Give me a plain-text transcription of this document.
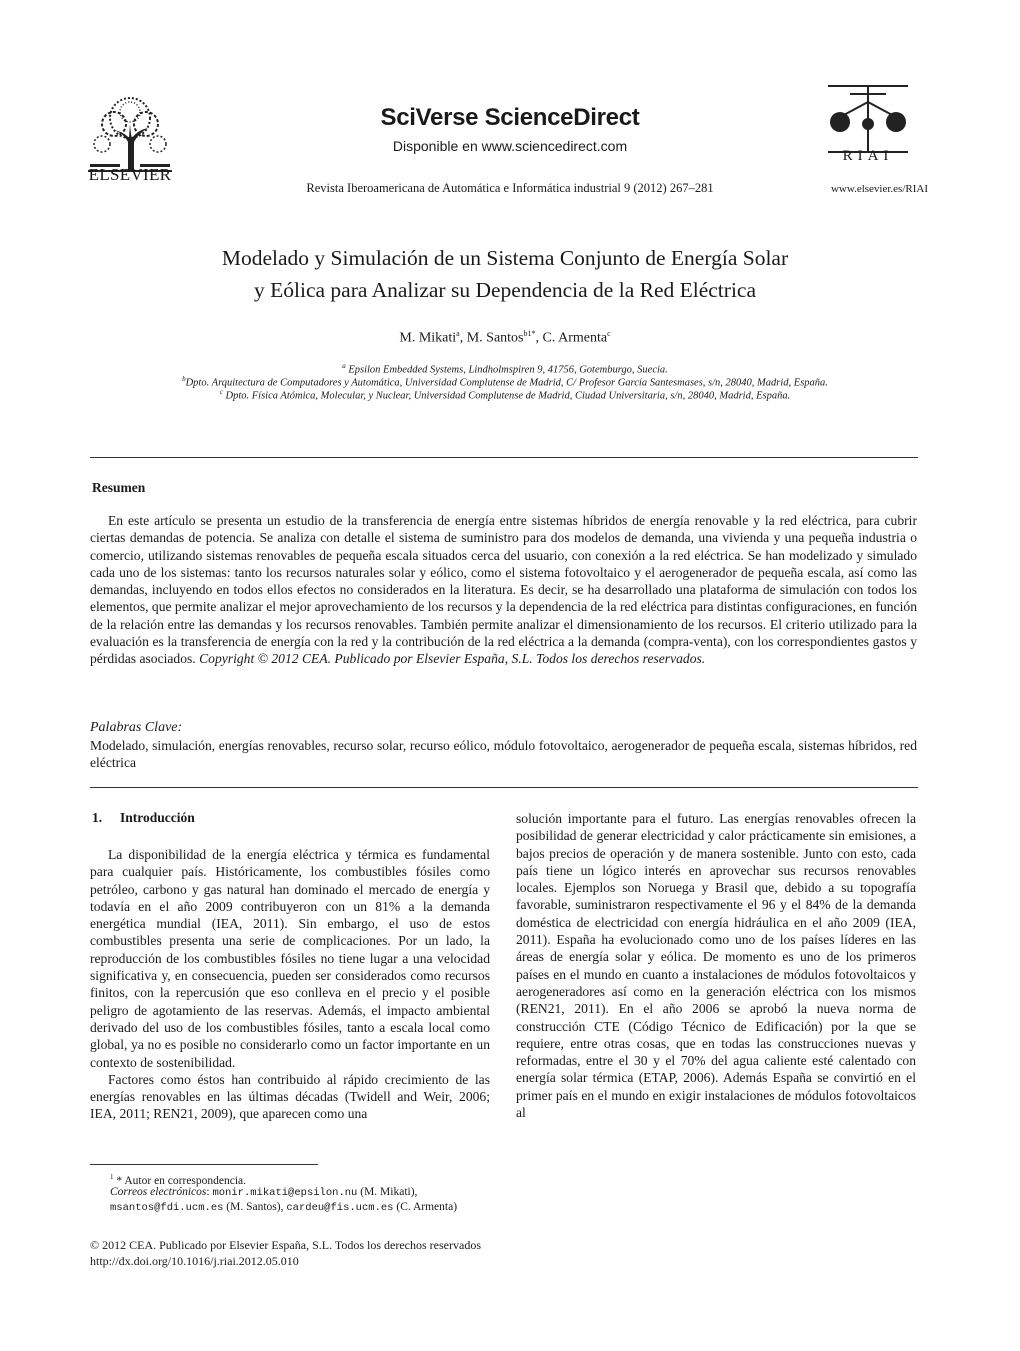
ELSEVIER
SciVerse ScienceDirect
Disponible en www.sciencedirect.com
Revista Iberoamericana de Automática e Informática industrial 9 (2012) 267–281
RIAI
www.elsevier.es/RIAI
Modelado y Simulación de un Sistema Conjunto de Energía Solar
y Eólica para Analizar su Dependencia de la Red Eléctrica
M. Mikati$^a$, M. Santos$^{b1*}$, C. Armenta$^c$
$^a$ Epsilon Embedded Systems, Lindholmspiren 9, 41756, Gotemburgo, Suecia.
$^b$Dpto. Arquitectura de Computadores y Automática, Universidad Complutense de Madrid, C/ Profesor García Santesmases, s/n, 28040, Madrid, España.
$^c$ Dpto. Física Atómica, Molecular, y Nuclear, Universidad Complutense de Madrid, Ciudad Universitaria, s/n, 28040, Madrid, España.
Resumen
En este artículo se presenta un estudio de la transferencia de energía entre sistemas híbridos de energía renovable y la red eléctrica, para cubrir ciertas demandas de potencia. Se analiza con detalle el sistema de suministro para dos modelos de demanda, una vivienda y una pequeña industria o comercio, utilizando sistemas renovables de pequeña escala situados cerca del usuario, con conexión a la red eléctrica. Se han modelizado y simulado cada uno de los sistemas: tanto los recursos naturales solar y eólico, como el sistema fotovoltaico y el aerogenerador de pequeña escala, así como las demandas, incluyendo en todos ellos efectos no considerados en la literatura. Es decir, se ha desarrollado una plataforma de simulación con todos los elementos, que permite analizar el mejor aprovechamiento de los recursos y la dependencia de la red eléctrica para distintas configuraciones, en función de la relación entre las demandas y los recursos renovables. También permite analizar el dimensionamiento de los recursos. El criterio utilizado para la evaluación es la transferencia de energía con la red y la contribución de la red eléctrica a la demanda (compra-venta), con los correspondientes gastos y pérdidas asociados. Copyright © 2012 CEA. Publicado por Elsevier España, S.L. Todos los derechos reservados.
Palabras Clave:
Modelado, simulación, energías renovables, recurso solar, recurso eólico, módulo fotovoltaico, aerogenerador de pequeña escala, sistemas híbridos, red eléctrica
1. Introducción

La disponibilidad de la energía eléctrica y térmica es fundamental para cualquier país. Históricamente, los combustibles fósiles como petróleo, carbono y gas natural han dominado el mercado de energía y todavía en el año 2009 contribuyeron con un 81% a la demanda energética mundial (IEA, 2011). Sin embargo, el uso de estos combustibles presenta una serie de complicaciones. Por un lado, la reproducción de los combustibles fósiles no tiene lugar a una velocidad significativa y, en consecuencia, pueden ser considerados como recursos finitos, con la repercusión que eso conlleva en el precio y el posible peligro de agotamiento de las reservas. Además, el impacto ambiental derivado del uso de los combustibles fósiles, tanto a escala local como global, ya no es posible no considerarlo como un factor importante en un contexto de sostenibilidad.

Factores como éstos han contribuido al rápido crecimiento de las energías renovables en las últimas décadas (Twidell and Weir, 2006; IEA, 2011; REN21, 2009), que aparecen como una

solución importante para el futuro. Las energías renovables ofrecen la posibilidad de generar electricidad y calor prácticamente sin emisiones, a bajos precios de operación y de manera sostenible. Junto con esto, cada país tiene un lógico interés en aprovechar sus recursos renovables locales. Ejemplos son Noruega y Brasil que, debido a su topografía favorable, suministraron respectivamente el 96 y el 84% de la demanda doméstica de electricidad con energía hidráulica en el año 2009 (IEA, 2011). España ha evolucionado como uno de los países líderes en las áreas de energía solar y eólica. De momento es uno de los primeros países en el mundo en cuanto a instalaciones de módulos fotovoltaicos y aerogeneradores así como en la generación eléctrica con los mismos (REN21, 2011). En el año 2006 se aprobó la nueva norma de construcción CTE (Código Técnico de Edificación) por la que se requiere, entre otras cosas, que en todas las construcciones nuevas y reformadas, entre el 30 y el 70% del agua caliente esté calentado con energía solar térmica (ETAP, 2006). Además España se convirtió en el primer país en el mundo en exigir instalaciones de módulos fotovoltaicos al

$^1$ * Autor en correspondencia.
Correos electrónicos: monir.mikati@epsilon.nu (M. Mikati),
msantos@fdi.ucm.es (M. Santos), cardeu@fis.ucm.es (C. Armenta)
© 2012 CEA. Publicado por Elsevier España, S.L. Todos los derechos reservados
http://dx.doi.org/10.1016/j.riai.2012.05.010
